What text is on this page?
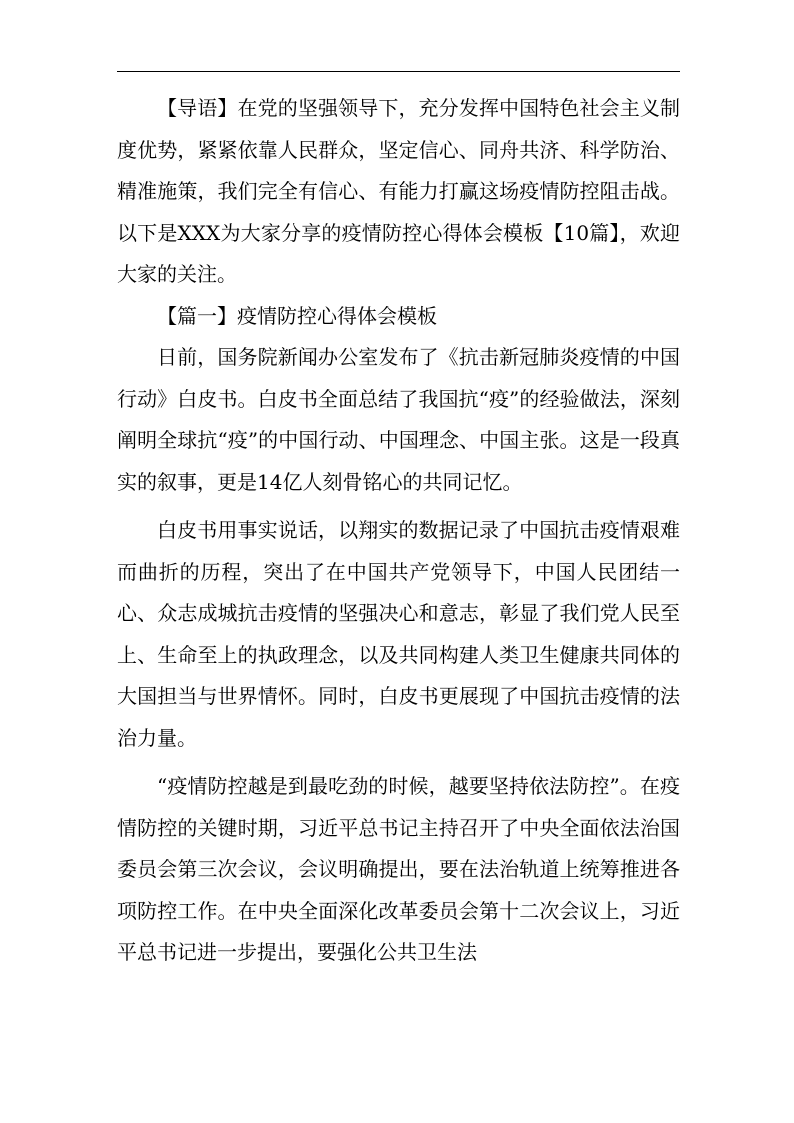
【导语】在党的坚强领导下，充分发挥中国特色社会主义制度优势，紧紧依靠人民群众，坚定信心、同舟共济、科学防治、精准施策，我们完全有信心、有能力打赢这场疫情防控阻击战。以下是XXX为大家分享的疫情防控心得体会模板【10篇】，欢迎大家的关注。

【篇一】疫情防控心得体会模板

日前，国务院新闻办公室发布了《抗击新冠肺炎疫情的中国行动》白皮书。白皮书全面总结了我国抗“疫”的经验做法，深刻阐明全球抗“疫”的中国行动、中国理念、中国主张。这是一段真实的叙事，更是14亿人刻骨铭心的共同记忆。

白皮书用事实说话，以翔实的数据记录了中国抗击疫情艰难而曲折的历程，突出了在中国共产党领导下，中国人民团结一心、众志成城抗击疫情的坚强决心和意志，彰显了我们党人民至上、生命至上的执政理念，以及共同构建人类卫生健康共同体的大国担当与世界情怀。同时，白皮书更展现了中国抗击疫情的法治力量。

“疫情防控越是到最吃劲的时候，越要坚持依法防控”。在疫情防控的关键时期，习近平总书记主持召开了中央全面依法治国委员会第三次会议，会议明确提出，要在法治轨道上统筹推进各项防控工作。在中央全面深化改革委员会第十二次会议上，习近平总书记进一步提出，要强化公共卫生法
